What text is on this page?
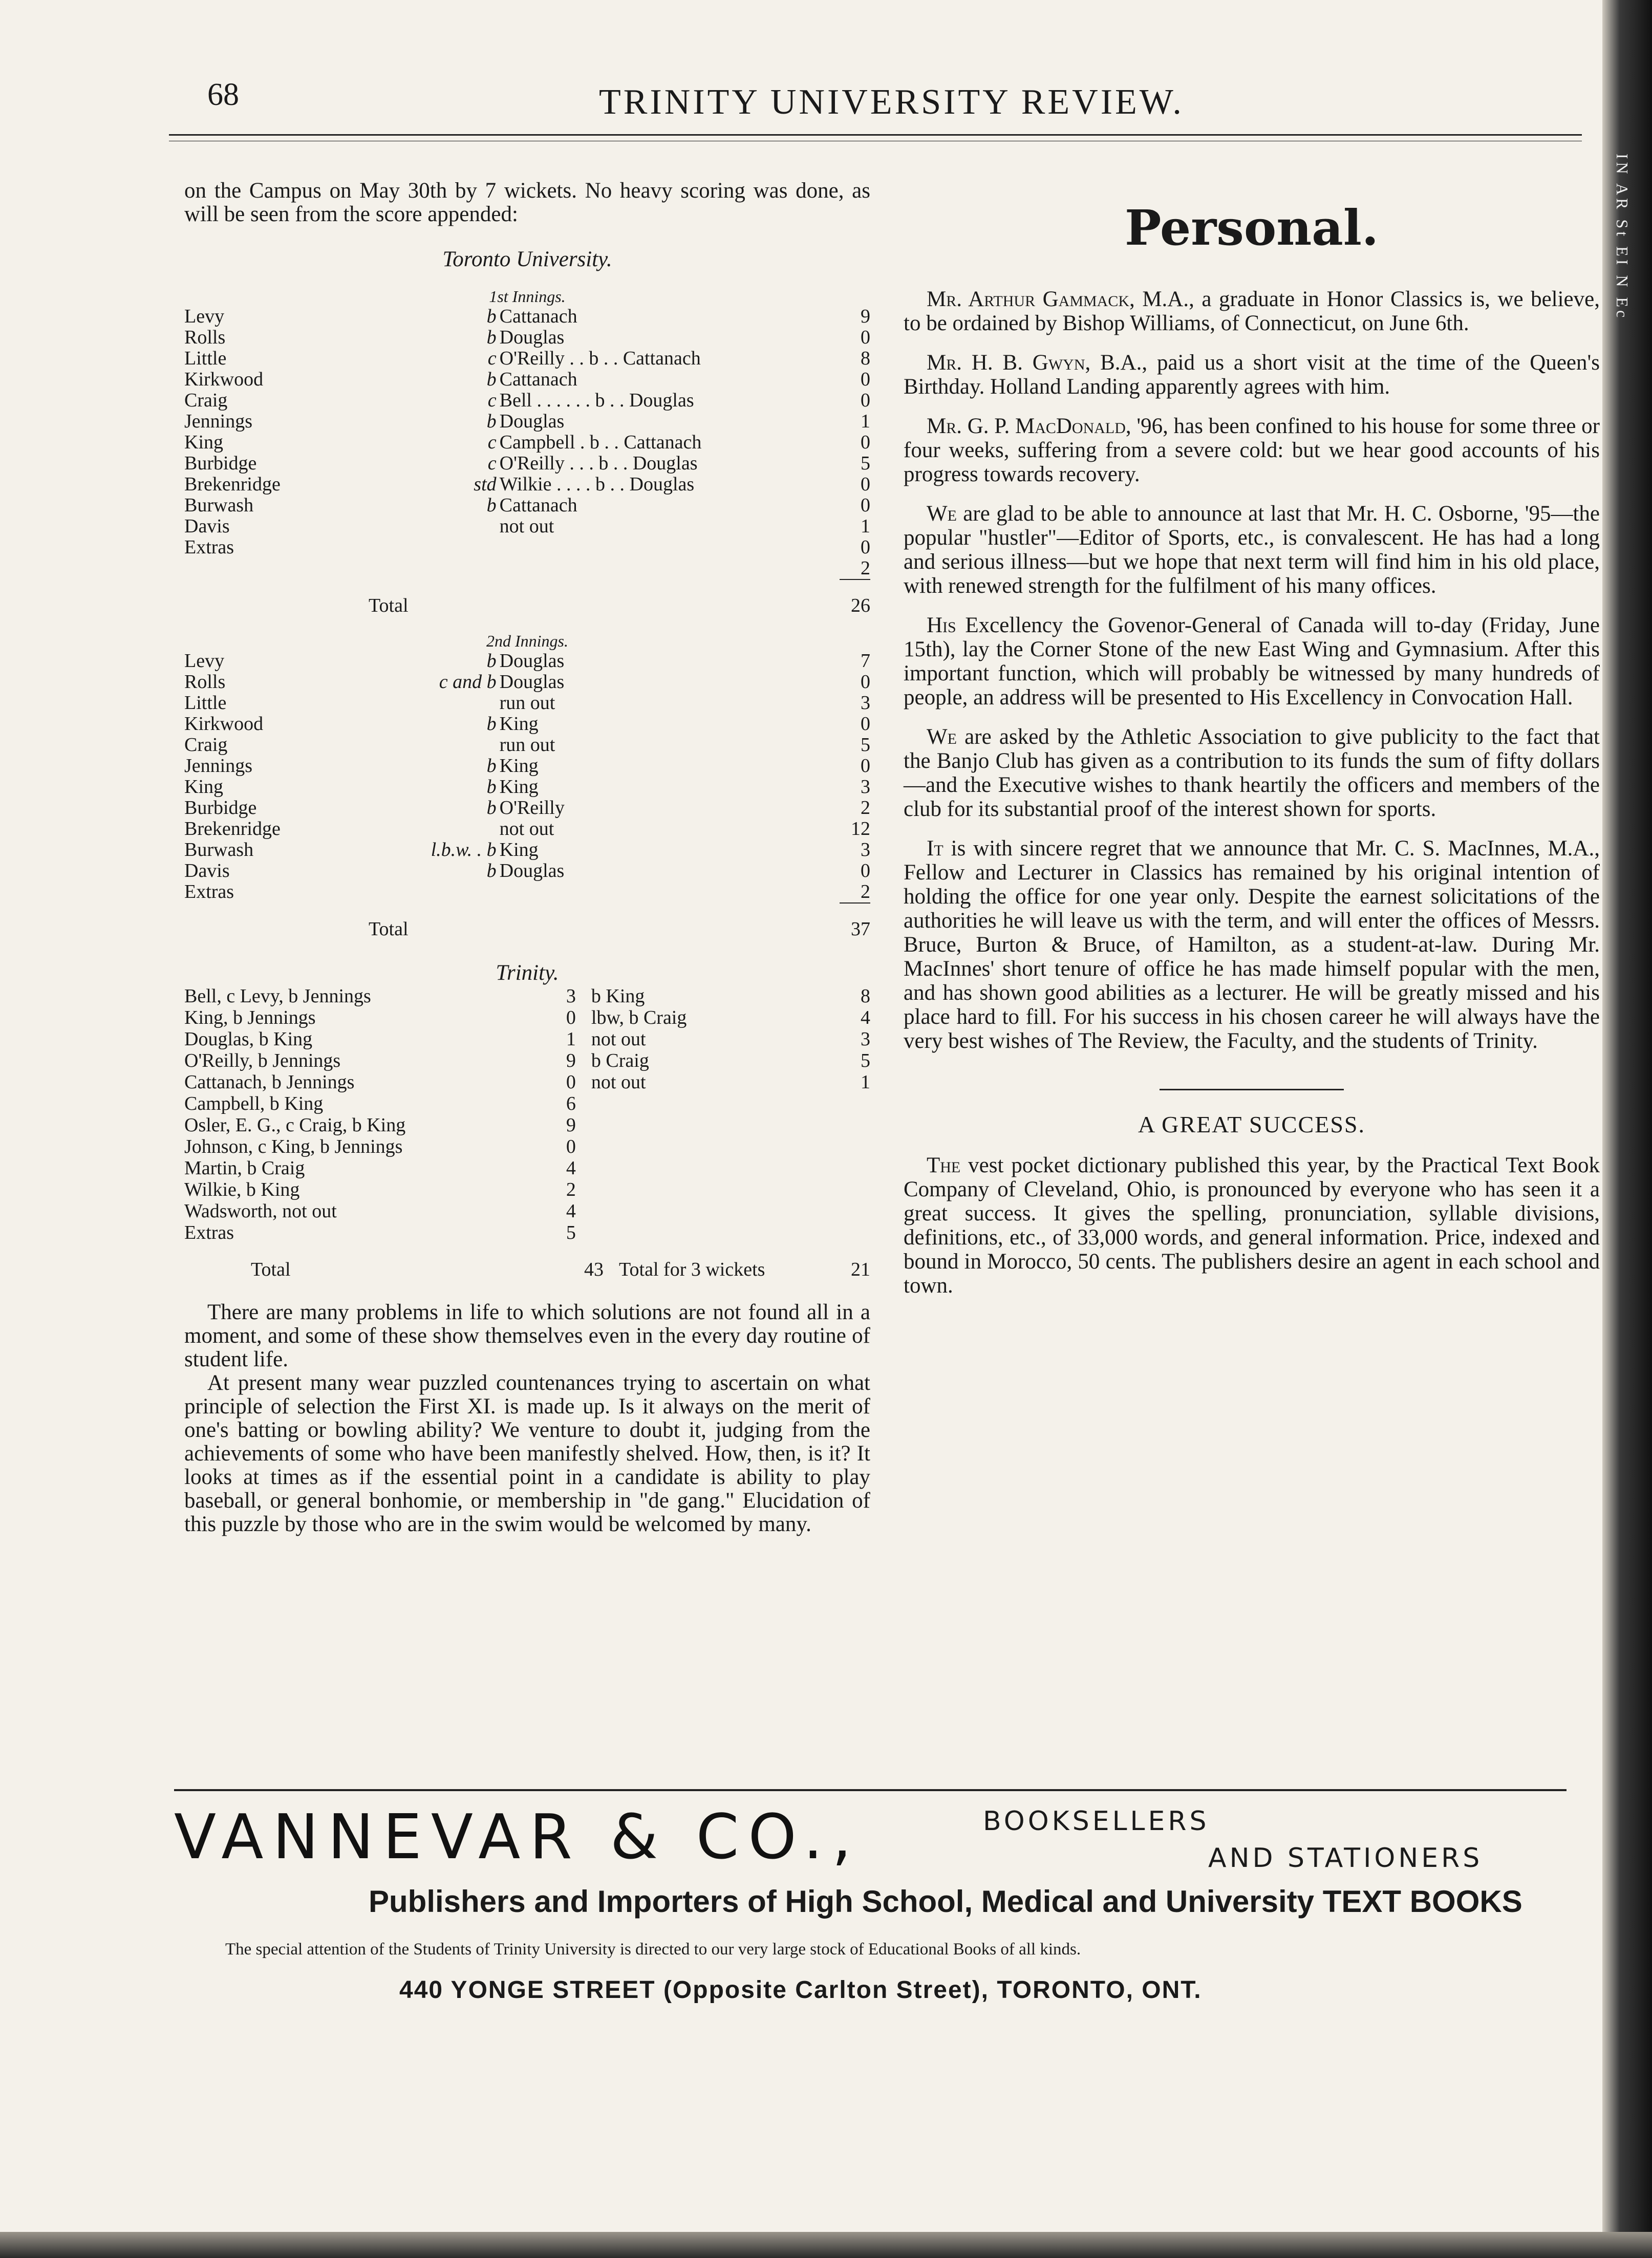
68	TRINITY UNIVERSITY REVIEW.

on the Campus on May 30th by 7 wickets. No heavy scoring was done, as will be seen from the score appended:

Toronto University.
1st Innings.
Levy	b	Cattanach	9
Rolls	b	Douglas	0
Little	c	O'Reilly . . b . . Cattanach	8
Kirkwood	b	Cattanach	0
Craig	c	Bell . . . . . . b . . Douglas	0
Jennings	b	Douglas	1
King	c	Campbell . b . . Cattanach	0
Burbidge	c	O'Reilly . . . b . . Douglas	5
Brekenridge	std	Wilkie . . . . b . . Douglas	0
Burwash	b	Cattanach	0
Davis		not out	1
Extras			0
			2
Total	26
2nd Innings.
Levy	b	Douglas	7
Rolls	c and b	Douglas	0
Little		run out	3
Kirkwood	b	King	0
Craig		run out	5
Jennings	b	King	0
King	b	King	3
Burbidge	b	O'Reilly	2
Brekenridge		not out	12
Burwash	l.b.w. . b	King	3
Davis	b	Douglas	0
Extras			2
Total	37
Trinity.
Bell, c Levy, b Jennings	3	b King	8
King, b Jennings	0	lbw, b Craig	4
Douglas, b King	1	not out	3
O'Reilly, b Jennings	9	b Craig	5
Cattanach, b Jennings	0	not out	1
Campbell, b King	6		
Osler, E. G., c Craig, b King	9		
Johnson, c King, b Jennings	0		
Martin, b Craig	4		
Wilkie, b King	2		
Wadsworth, not out	4		
Extras	5		
Total	43	Total for 3 wickets	21

There are many problems in life to which solutions are not found all in a moment, and some of these show themselves even in the every day routine of student life.

At present many wear puzzled countenances trying to ascertain on what principle of selection the First XI. is made up. Is it always on the merit of one's batting or bowling ability? We venture to doubt it, judging from the achievements of some who have been manifestly shelved. How, then, is it? It looks at times as if the essential point in a candidate is ability to play baseball, or general bonhomie, or membership in "de gang." Elucidation of this puzzle by those who are in the swim would be welcomed by many.

Personal.

Mr. Arthur Gammack, M.A., a graduate in Honor Classics is, we believe, to be ordained by Bishop Williams, of Connecticut, on June 6th.

Mr. H. B. Gwyn, B.A., paid us a short visit at the time of the Queen's Birthday. Holland Landing apparently agrees with him.

Mr. G. P. MacDonald, '96, has been confined to his house for some three or four weeks, suffering from a severe cold: but we hear good accounts of his progress towards recovery.

We are glad to be able to announce at last that Mr. H. C. Osborne, '95—the popular "hustler"—Editor of Sports, etc., is convalescent. He has had a long and serious illness—but we hope that next term will find him in his old place, with renewed strength for the fulfilment of his many offices.

His Excellency the Govenor-General of Canada will to-day (Friday, June 15th), lay the Corner Stone of the new East Wing and Gymnasium. After this important function, which will probably be witnessed by many hundreds of people, an address will be presented to His Excellency in Convocation Hall.

We are asked by the Athletic Association to give publicity to the fact that the Banjo Club has given as a contribution to its funds the sum of fifty dollars—and the Executive wishes to thank heartily the officers and members of the club for its substantial proof of the interest shown for sports.

It is with sincere regret that we announce that Mr. C. S. MacInnes, M.A., Fellow and Lecturer in Classics has remained by his original intention of holding the office for one year only. Despite the earnest solicitations of the authorities he will leave us with the term, and will enter the offices of Messrs. Bruce, Burton & Bruce, of Hamilton, as a student-at-law. During Mr. MacInnes' short tenure of office he has made himself popular with the men, and has shown good abilities as a lecturer. He will be greatly missed and his place hard to fill. For his success in his chosen career he will always have the very best wishes of The Review, the Faculty, and the students of Trinity.

A GREAT SUCCESS.

The vest pocket dictionary published this year, by the Practical Text Book Company of Cleveland, Ohio, is pronounced by everyone who has seen it a great success. It gives the spelling, pronunciation, syllable divisions, definitions, etc., of 33,000 words, and general information. Price, indexed and bound in Morocco, 50 cents. The publishers desire an agent in each school and town.

VANNEVAR & CO.,	BOOKSELLERS
AND STATIONERS
Publishers and Importers of High School, Medical and University TEXT BOOKS
The special attention of the Students of Trinity University is directed to our very large stock of Educational Books of all kinds.
440 YONGE STREET (Opposite Carlton Street), TORONTO, ONT.
IN AR St EI N Ec
